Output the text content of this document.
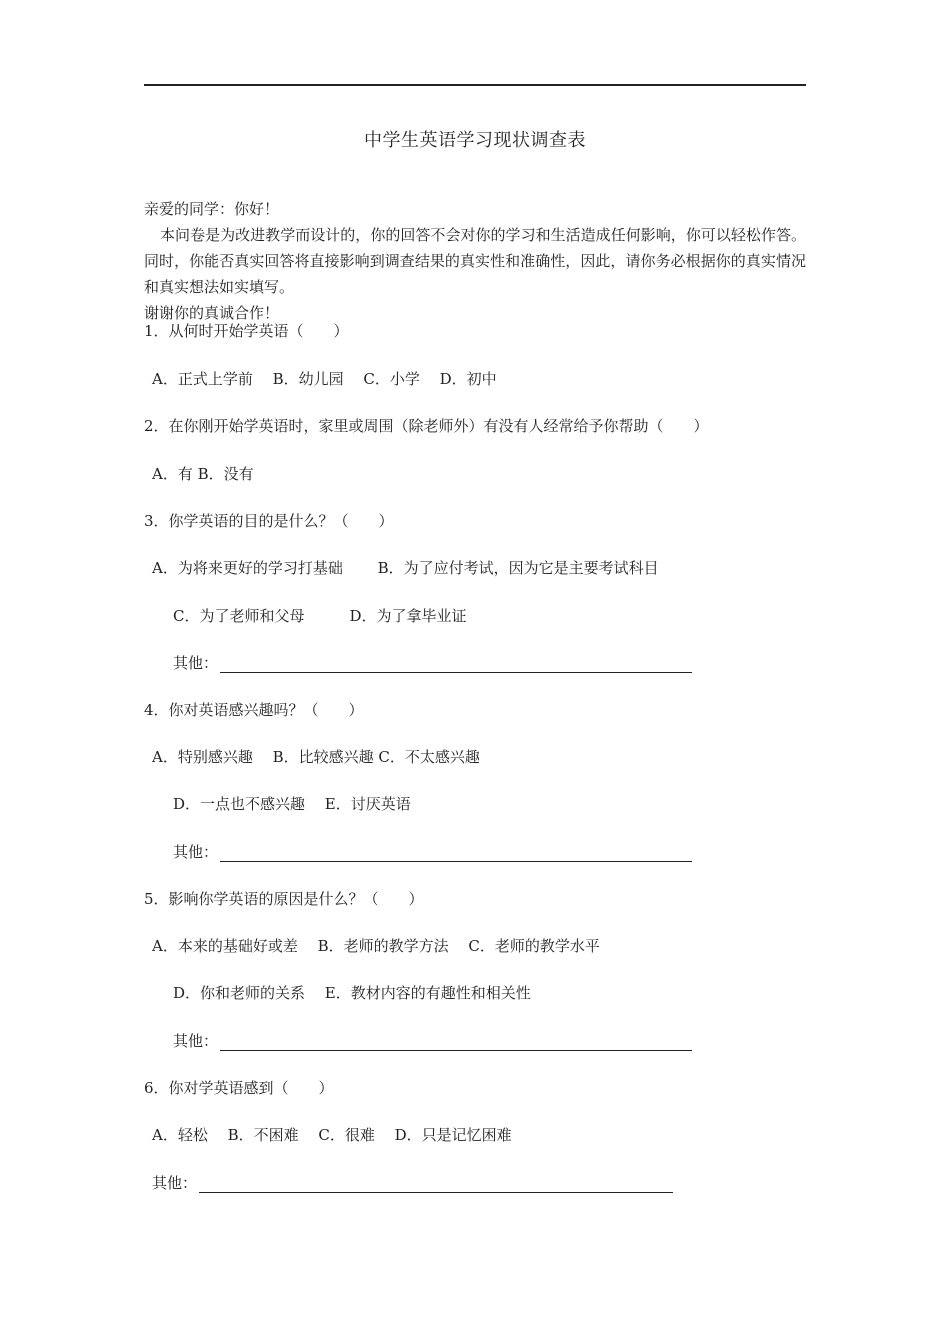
中学生英语学习现状调查表

亲爱的同学：你好！

本问卷是为改进教学而设计的，你的回答不会对你的学习和生活造成任何影响，你可以轻松作答。同时，你能否真实回答将直接影响到调查结果的真实性和准确性，因此，请你务必根据你的真实情况和真实想法如实填写。

谢谢你的真诚合作！

1．从何时开始学英语（　　）
A．正式上学前　 B．幼儿园　 C．小学　 D．初中
2．在你刚开始学英语时，家里或周围（除老师外）有没有人经常给予你帮助（　　）
A．有 B．没有
3．你学英语的目的是什么？（　　）
A．为将来更好的学习打基础　　 B．为了应付考试，因为它是主要考试科目
C．为了老师和父母　　　D．为了拿毕业证
其他：
4．你对英语感兴趣吗？（　　）
A．特别感兴趣　 B．比较感兴趣 C．不太感兴趣
D．一点也不感兴趣　 E．讨厌英语
其他：
5．影响你学英语的原因是什么？（　　）
A．本来的基础好或差　 B．老师的教学方法　 C．老师的教学水平
D．你和老师的关系　 E．教材内容的有趣性和相关性
其他：
6．你对学英语感到（　　）
A．轻松　 B．不困难　 C．很难　 D．只是记忆困难
其他：
